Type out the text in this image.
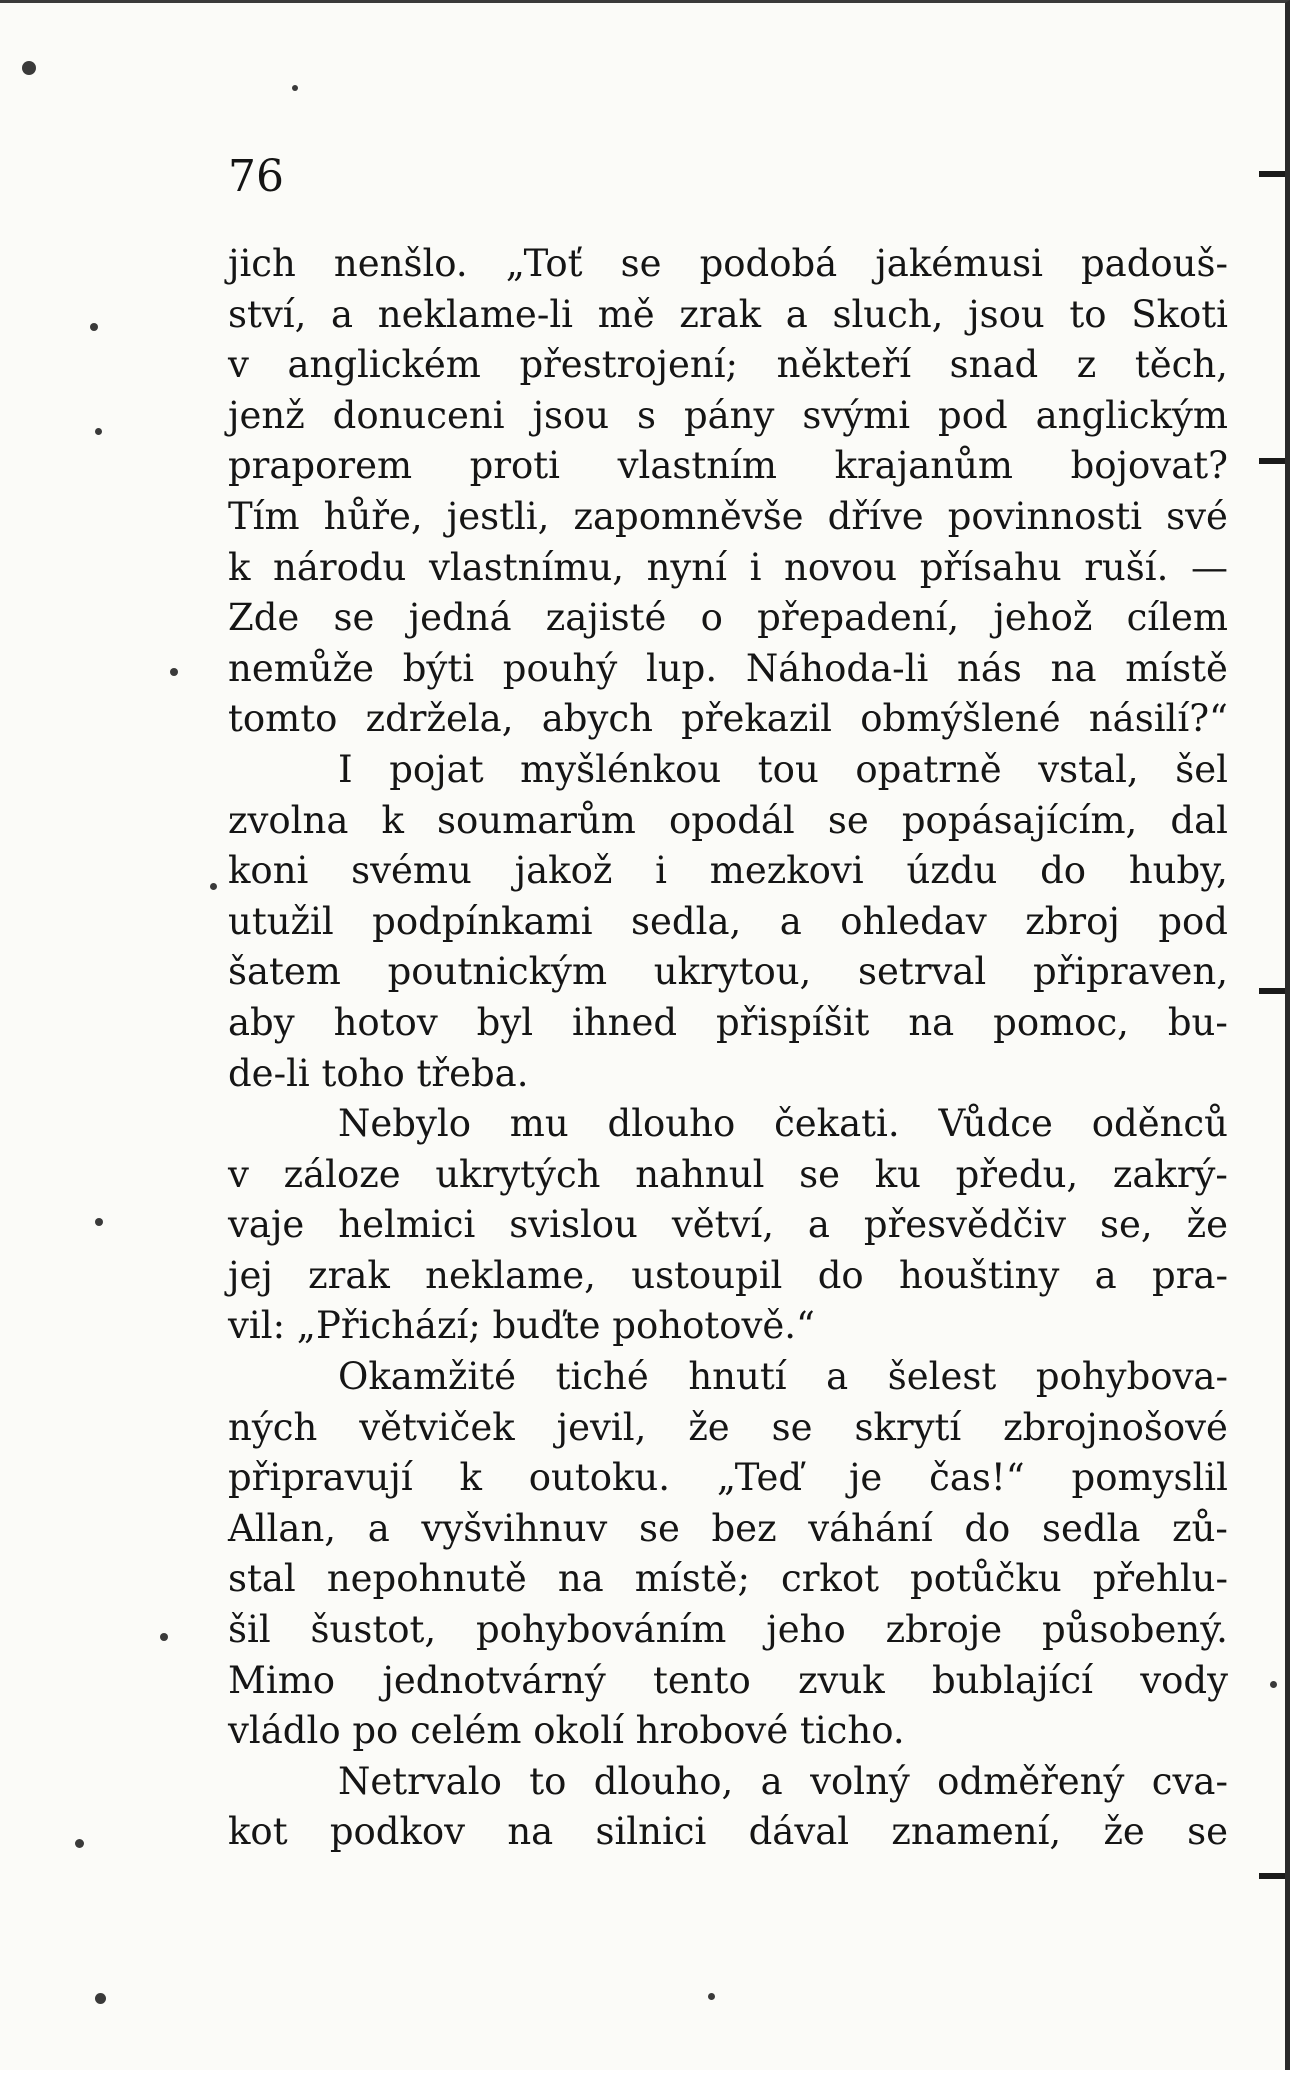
76

jich nenšlo. „Toť se podobá jakémusi padouš-
ství, a neklame-li mě zrak a sluch, jsou to Skoti
v anglickém přestrojení; někteří snad z těch,
jenž donuceni jsou s pány svými pod anglickým
praporem proti vlastním krajanům bojovat?
Tím hůře, jestli, zapomněvše dříve povinnosti své
k národu vlastnímu, nyní i novou přísahu ruší. —
Zde se jedná zajisté o přepadení, jehož cílem
nemůže býti pouhý lup. Náhoda-li nás na místě
tomto zdržela, abych překazil obmýšlené násilí?“
I pojat myšlénkou tou opatrně vstal, šel
zvolna k soumarům opodál se popásajícím, dal
koni svému jakož i mezkovi úzdu do huby,
utužil podpínkami sedla, a ohledav zbroj pod
šatem poutnickým ukrytou, setrval připraven,
aby hotov byl ihned přispíšit na pomoc, bu-
de-li toho třeba.
Nebylo mu dlouho čekati. Vůdce oděnců
v záloze ukrytých nahnul se ku předu, zakrý-
vaje helmici svislou větví, a přesvědčiv se, že
jej zrak neklame, ustoupil do houštiny a pra-
vil: „Přichází; buďte pohotově.“
Okamžité tiché hnutí a šelest pohybova-
ných větviček jevil, že se skrytí zbrojnošové
připravují k outoku. „Teď je čas!“ pomyslil
Allan, a vyšvihnuv se bez váhání do sedla zů-
stal nepohnutě na místě; crkot potůčku přehlu-
šil šustot, pohybováním jeho zbroje působený.
Mimo jednotvárný tento zvuk bublající vody
vládlo po celém okolí hrobové ticho.
Netrvalo to dlouho, a volný odměřený cva-
kot podkov na silnici dával znamení, že se
